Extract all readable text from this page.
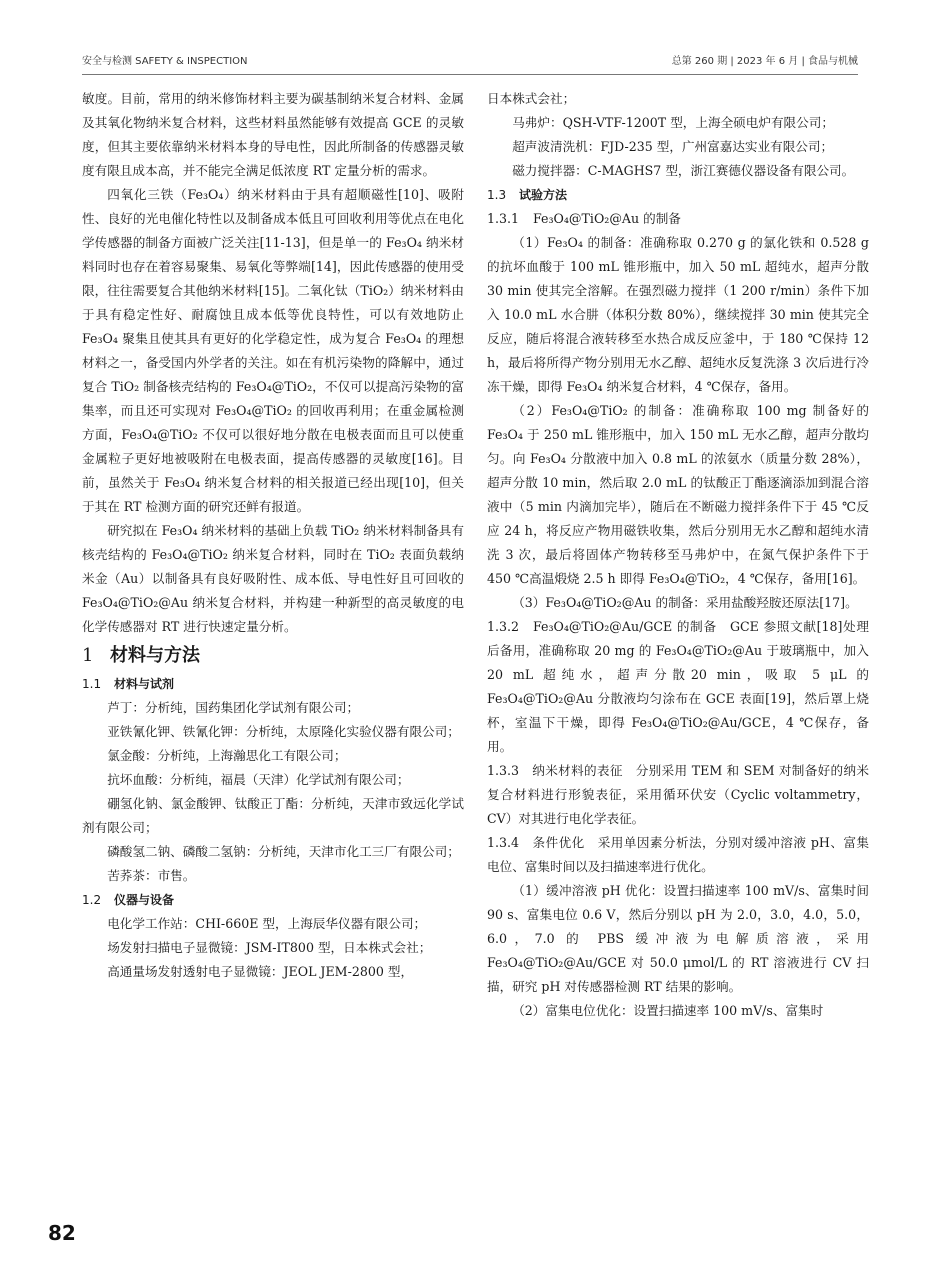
安全与检测 SAFETY & INSPECTION	总第 260 期 | 2023 年 6 月 | 食品与机械

敏度。目前，常用的纳米修饰材料主要为碳基制纳米复合材料、金属及其氧化物纳米复合材料，这些材料虽然能够有效提高 GCE 的灵敏度，但其主要依靠纳米材料本身的导电性，因此所制备的传感器灵敏度有限且成本高，并不能完全满足低浓度 RT 定量分析的需求。

四氧化三铁（Fe₃O₄）纳米材料由于具有超顺磁性[10]、吸附性、良好的光电催化特性以及制备成本低且可回收利用等优点在电化学传感器的制备方面被广泛关注[11-13]，但是单一的 Fe₃O₄ 纳米材料同时也存在着容易聚集、易氧化等弊端[14]，因此传感器的使用受限，往往需要复合其他纳米材料[15]。二氧化钛（TiO₂）纳米材料由于具有稳定性好、耐腐蚀且成本低等优良特性，可以有效地防止 Fe₃O₄ 聚集且使其具有更好的化学稳定性，成为复合 Fe₃O₄ 的理想材料之一，备受国内外学者的关注。如在有机污染物的降解中，通过复合 TiO₂ 制备核壳结构的 Fe₃O₄@TiO₂，不仅可以提高污染物的富集率，而且还可实现对 Fe₃O₄@TiO₂ 的回收再利用；在重金属检测方面，Fe₃O₄@TiO₂ 不仅可以很好地分散在电极表面而且可以使重金属粒子更好地被吸附在电极表面，提高传感器的灵敏度[16]。目前，虽然关于 Fe₃O₄ 纳米复合材料的相关报道已经出现[10]，但关于其在 RT 检测方面的研究还鲜有报道。

研究拟在 Fe₃O₄ 纳米材料的基础上负载 TiO₂ 纳米材料制备具有核壳结构的 Fe₃O₄@TiO₂ 纳米复合材料，同时在 TiO₂ 表面负载纳米金（Au）以制备具有良好吸附性、成本低、导电性好且可回收的 Fe₃O₄@TiO₂@Au 纳米复合材料，并构建一种新型的高灵敏度的电化学传感器对 RT 进行快速定量分析。

1 材料与方法
1.1 材料与试剂

芦丁：分析纯，国药集团化学试剂有限公司；

亚铁氰化钾、铁氰化钾：分析纯，太原隆化实验仪器有限公司；

氯金酸：分析纯，上海瀚思化工有限公司；

抗坏血酸：分析纯，福晨（天津）化学试剂有限公司；

硼氢化钠、氯金酸钾、钛酸正丁酯：分析纯，天津市致远化学试剂有限公司；

磷酸氢二钠、磷酸二氢钠：分析纯，天津市化工三厂有限公司；

苦荞茶：市售。

1.2 仪器与设备

电化学工作站：CHI-660E 型，上海辰华仪器有限公司；

场发射扫描电子显微镜：JSM-IT800 型，日本株式会社；

高通量场发射透射电子显微镜：JEOL JEM-2800 型，

日本株式会社；

马弗炉：QSH-VTF-1200T 型，上海全硕电炉有限公司；

超声波清洗机：FJD-235 型，广州富嘉达实业有限公司；

磁力搅拌器：C-MAGHS7 型，浙江赛德仪器设备有限公司。

1.3 试验方法
1.3.1 Fe₃O₄@TiO₂@Au 的制备

（1）Fe₃O₄ 的制备：准确称取 0.270 g 的氯化铁和 0.528 g 的抗坏血酸于 100 mL 锥形瓶中，加入 50 mL 超纯水，超声分散 30 min 使其完全溶解。在强烈磁力搅拌（1 200 r/min）条件下加入 10.0 mL 水合肼（体积分数 80%），继续搅拌 30 min 使其完全反应，随后将混合液转移至水热合成反应釜中，于 180 ℃保持 12 h，最后将所得产物分别用无水乙醇、超纯水反复洗涤 3 次后进行冷冻干燥，即得 Fe₃O₄ 纳米复合材料，4 ℃保存，备用。

（2）Fe₃O₄@TiO₂ 的制备：准确称取 100 mg 制备好的 Fe₃O₄ 于 250 mL 锥形瓶中，加入 150 mL 无水乙醇，超声分散均匀。向 Fe₃O₄ 分散液中加入 0.8 mL 的浓氨水（质量分数 28%），超声分散 10 min，然后取 2.0 mL 的钛酸正丁酯逐滴添加到混合溶液中（5 min 内滴加完毕），随后在不断磁力搅拌条件下于 45 ℃反应 24 h，将反应产物用磁铁收集，然后分别用无水乙醇和超纯水清洗 3 次，最后将固体产物转移至马弗炉中，在氮气保护条件下于 450 ℃高温煅烧 2.5 h 即得 Fe₃O₄@TiO₂，4 ℃保存，备用[16]。

（3）Fe₃O₄@TiO₂@Au 的制备：采用盐酸羟胺还原法[17]。

1.3.2　Fe₃O₄@TiO₂@Au/GCE 的制备　GCE 参照文献[18]处理后备用，准确称取 20 mg 的 Fe₃O₄@TiO₂@Au 于玻璃瓶中，加入 20 mL 超纯水，超声分散20 min，吸取 5 μL 的Fe₃O₄@TiO₂@Au 分散液均匀涂布在 GCE 表面[19]，然后罩上烧杯，室温下干燥，即得 Fe₃O₄@TiO₂@Au/GCE，4 ℃保存，备用。

1.3.3　纳米材料的表征　分别采用 TEM 和 SEM 对制备好的纳米复合材料进行形貌表征，采用循环伏安（Cyclic voltammetry，CV）对其进行电化学表征。

1.3.4　条件优化　采用单因素分析法，分别对缓冲溶液 pH、富集电位、富集时间以及扫描速率进行优化。

（1）缓冲溶液 pH 优化：设置扫描速率 100 mV/s、富集时间 90 s、富集电位 0.6 V，然后分别以 pH 为 2.0，3.0，4.0，5.0，6.0，7.0 的 PBS 缓冲液为电解质溶液，采用 Fe₃O₄@TiO₂@Au/GCE 对 50.0 μmol/L 的 RT 溶液进行 CV 扫描，研究 pH 对传感器检测 RT 结果的影响。

（2）富集电位优化：设置扫描速率 100 mV/s、富集时

82
